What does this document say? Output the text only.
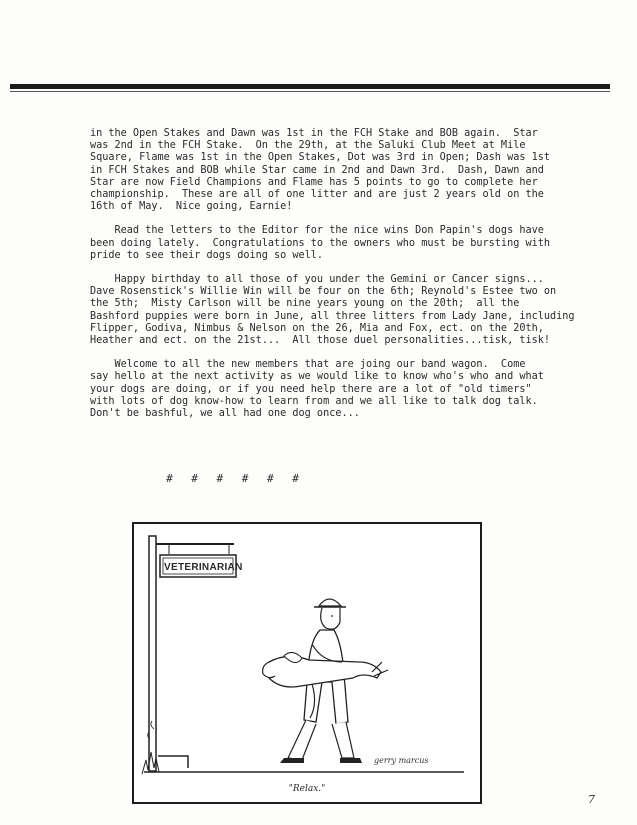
in the Open Stakes and Dawn was 1st in the FCH Stake and BOB again.  Star
was 2nd in the FCH Stake.  On the 29th, at the Saluki Club Meet at Mile
Square, Flame was 1st in the Open Stakes, Dot was 3rd in Open; Dash was 1st
in FCH Stakes and BOB while Star came in 2nd and Dawn 3rd.  Dash, Dawn and
Star are now Field Champions and Flame has 5 points to go to complete her
championship.  These are all of one litter and are just 2 years old on the
16th of May.  Nice going, Earnie!
Read the letters to the Editor for the nice wins Don Papin's dogs have
been doing lately.  Congratulations to the owners who must be bursting with
pride to see their dogs doing so well.
Happy birthday to all those of you under the Gemini or Cancer signs...
Dave Rosenstick's Willie Win will be four on the 6th; Reynold's Estee two on
the 5th;  Misty Carlson will be nine years young on the 20th;  all the
Bashford puppies were born in June, all three litters from Lady Jane, including
Flipper, Godiva, Nimbus & Nelson on the 26, Mia and Fox, ect. on the 20th,
Heather and ect. on the 21st...  All those duel personalities...tisk, tisk!
Welcome to all the new members that are joing our band wagon.  Come
say hello at the next activity as we would like to know who's who and what
your dogs are doing, or if you need help there are a lot of "old timers"
with lots of dog know-how to learn from and we all like to talk dog talk.
Don't be bashful, we all had one dog once...
# # # # # #
VETERINARIAN
gerry marcus
"Relax."
7
